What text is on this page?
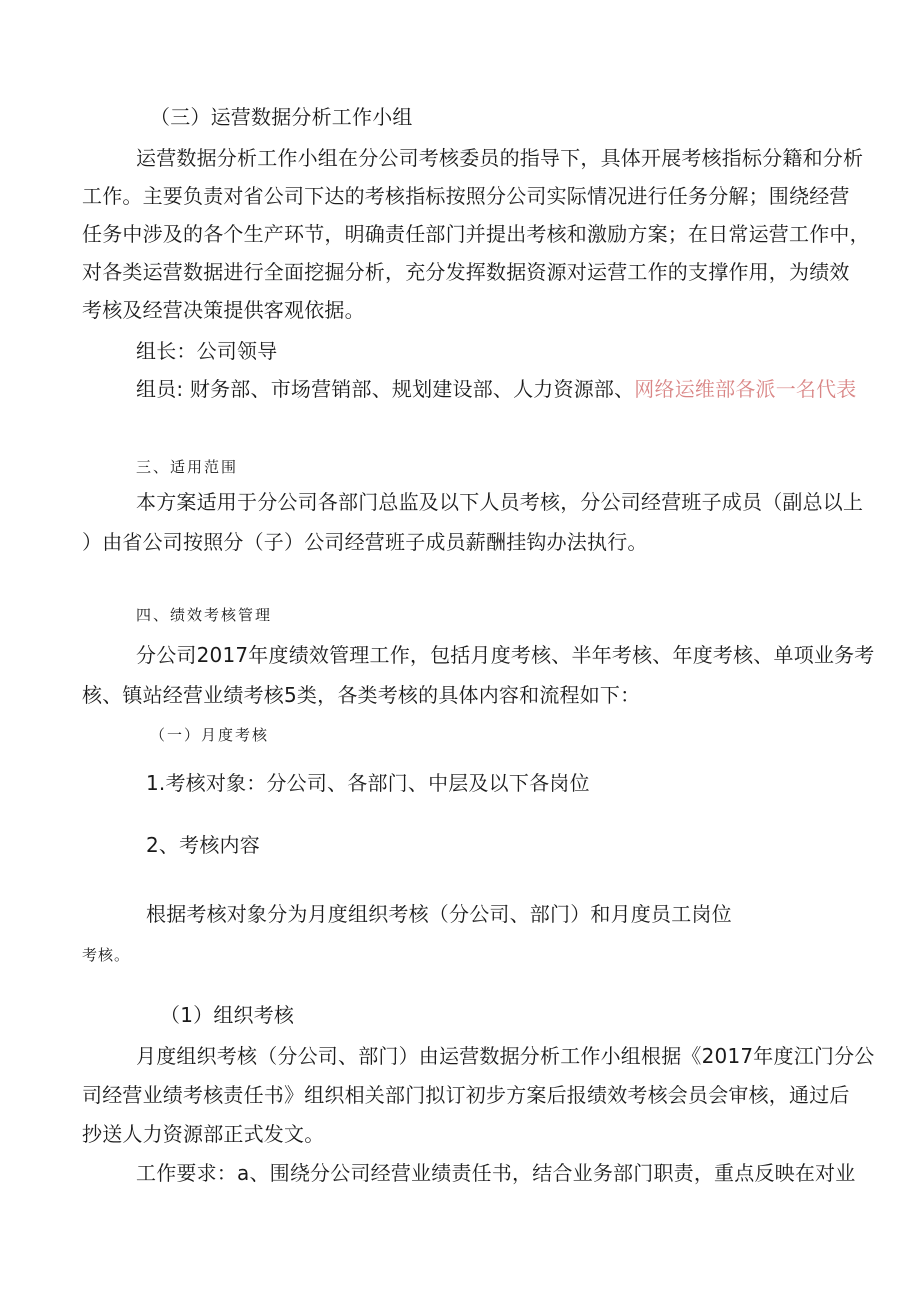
（三）运营数据分析工作小组
运营数据分析工作小组在分公司考核委员的指导下，具体开展考核指标分籍和分析
工作。主要负责对省公司下达的考核指标按照分公司实际情况进行任务分解；围绕经营
任务中涉及的各个生产环节，明确责任部门并提出考核和激励方案；在日常运营工作中，
对各类运营数据进行全面挖掘分析，充分发挥数据资源对运营工作的支撑作用，为绩效
考核及经营决策提供客观依据。
组长：公司领导
组员: 财务部、市场营销部、规划建设部、人力资源部、网络运维部各派一名代表
三、适用范围
本方案适用于分公司各部门总监及以下人员考核，分公司经营班子成员（副总以上
）由省公司按照分（子）公司经营班子成员薪酬挂钩办法执行。
四、绩效考核管理
分公司2017年度绩效管理工作，包括月度考核、半年考核、年度考核、单项业务考
核、镇站经营业绩考核5类，各类考核的具体内容和流程如下：
（一）月度考核
1.考核对象：分公司、各部门、中层及以下各岗位
2、考核内容
根据考核对象分为月度组织考核（分公司、部门）和月度员工岗位
考核。
（1）组织考核
月度组织考核（分公司、部门）由运营数据分析工作小组根据《2017年度江门分公
司经营业绩考核责任书》组织相关部门拟订初步方案后报绩效考核会员会审核，通过后
抄送人力资源部正式发文。
工作要求：a、围绕分公司经营业绩责任书，结合业务部门职责，重点反映在对业
